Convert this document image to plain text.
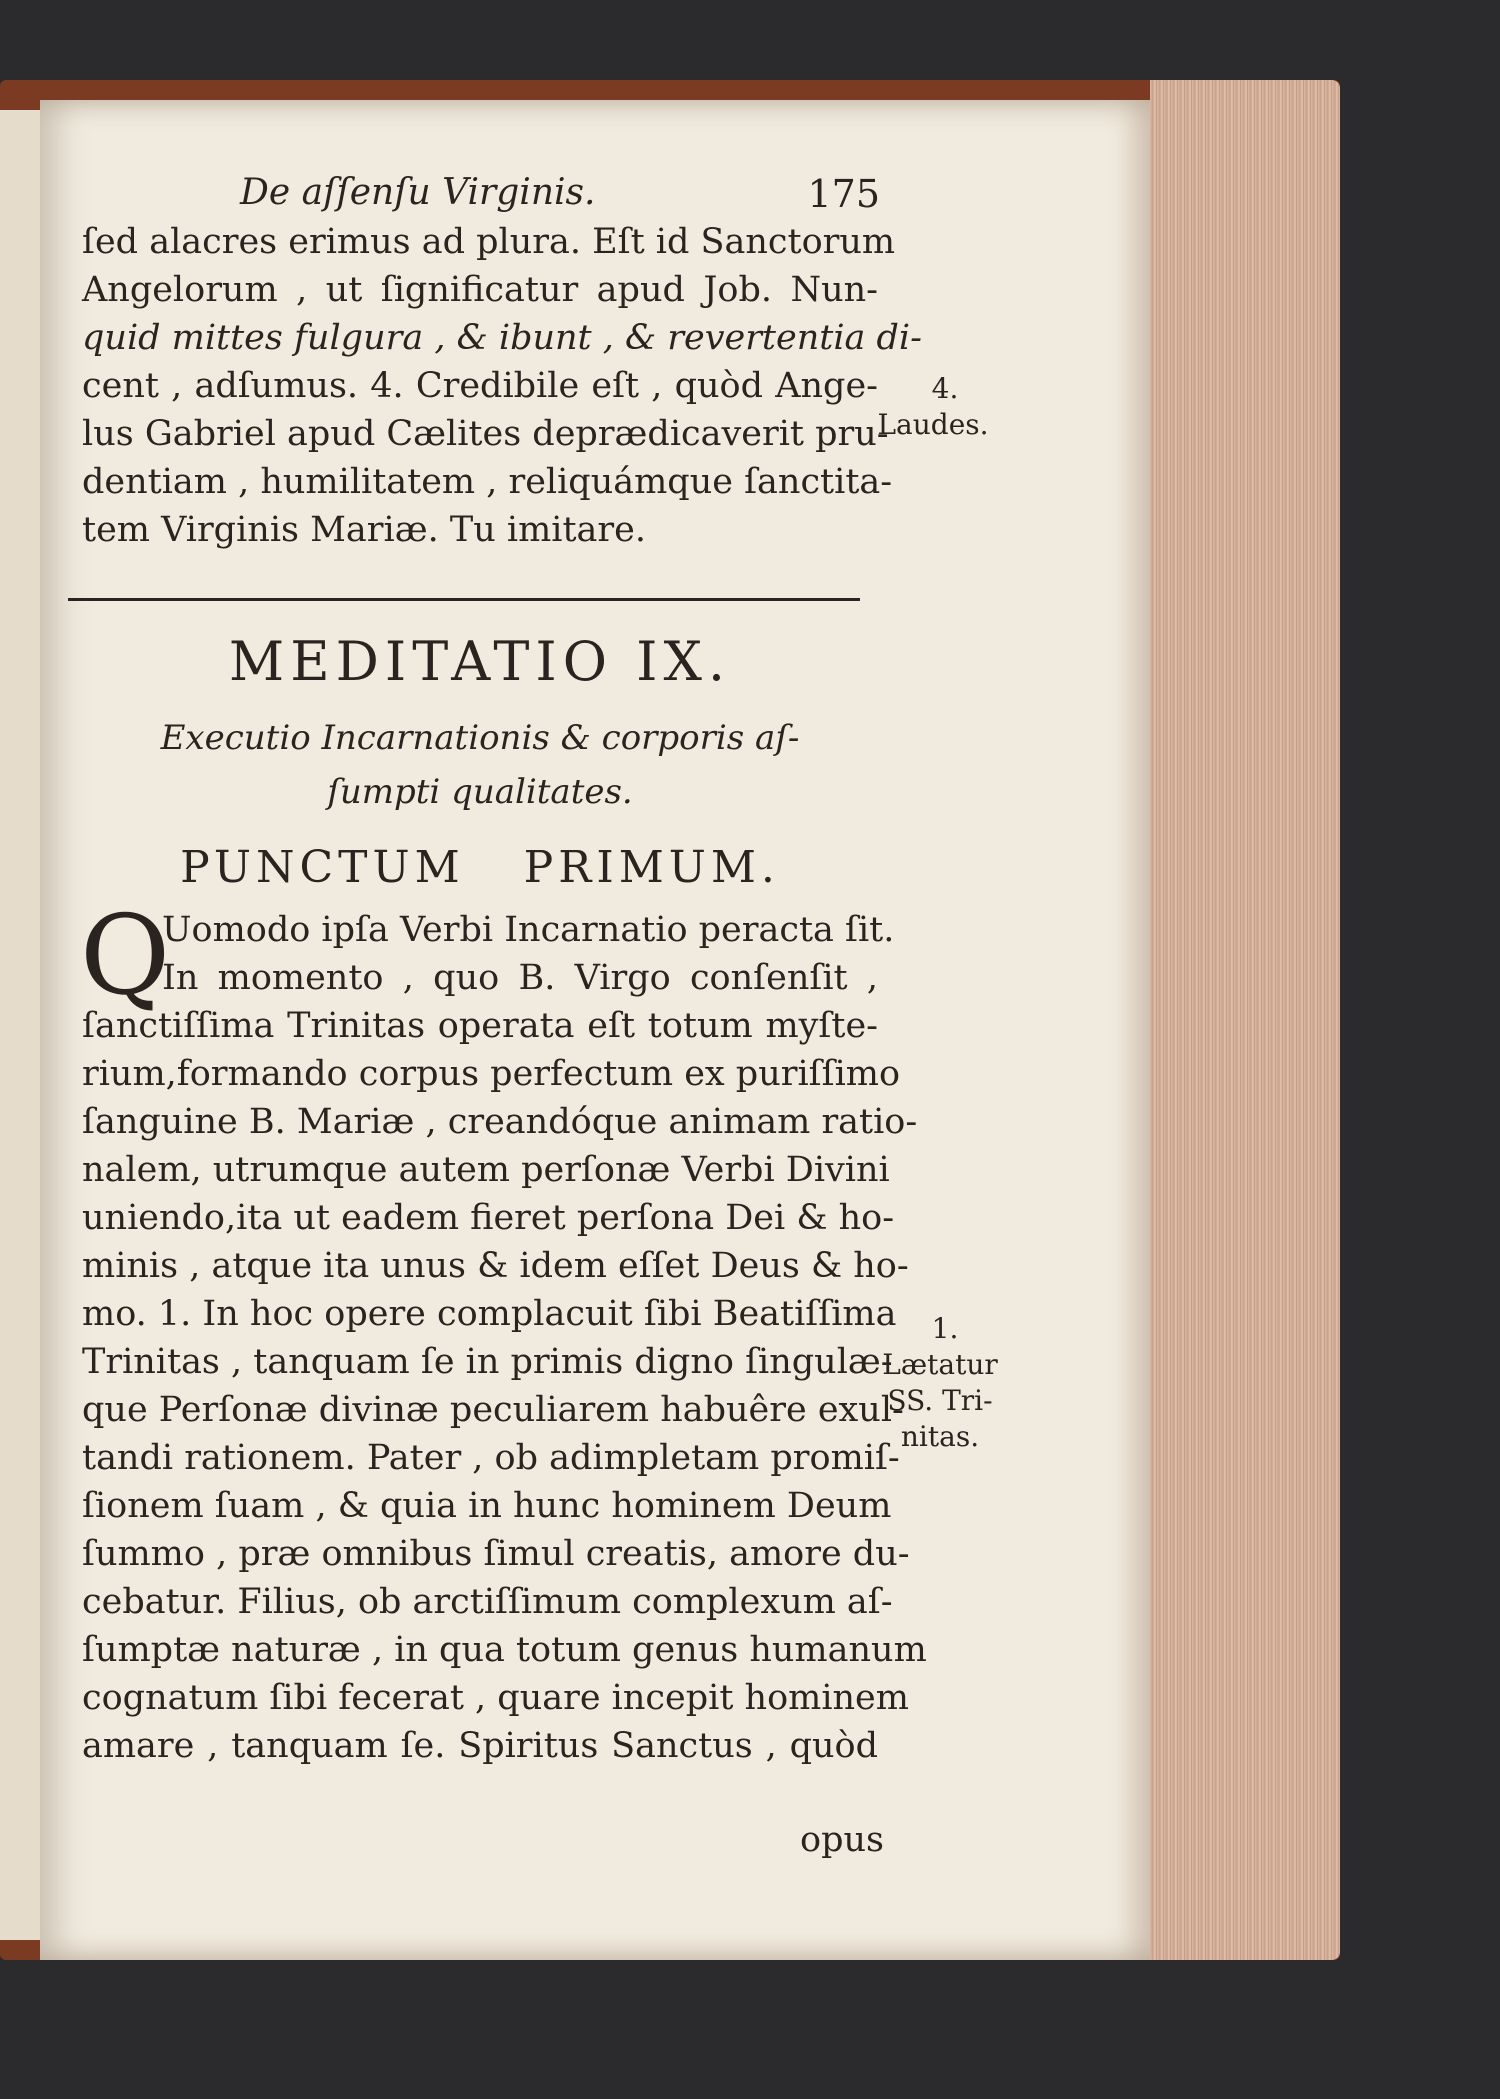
De aſſenſu Virginis.	175
ſed alacres erimus ad plura. Eſt id Sanctorum
Angelorum , ut ſignificatur apud Job. Nun-
quid mittes fulgura , & ibunt , & revertentia di-
cent , adſumus. 4. Credibile eſt , quòd Ange-
lus Gabriel apud Cælites deprædicaverit pru-
dentiam , humilitatem , reliquámque ſanctita-
tem Virginis Mariæ. Tu imitare.
MEDITATIO IX.
Executio Incarnationis & corporis aſ-
ſumpti qualitates.
PUNCTUM PRIMUM.
Q
Uomodo ipſa Verbi Incarnatio peracta ſit.
In momento , quo B. Virgo conſenſit ,
ſanctiſſima Trinitas operata eſt totum myſte-
rium,formando corpus perfectum ex puriſſimo
ſanguine B. Mariæ , creandóque animam ratio-
nalem, utrumque autem perſonæ Verbi Divini
uniendo,ita ut eadem fieret perſona Dei & ho-
minis , atque ita unus & idem eſſet Deus & ho-
mo. 1. In hoc opere complacuit ſibi Beatiſſima
Trinitas , tanquam ſe in primis digno ſingulæ-
que Perſonæ divinæ peculiarem habuêre exul-
tandi rationem. Pater , ob adimpletam promiſ-
ſionem ſuam , & quia in hunc hominem Deum
ſummo , præ omnibus ſimul creatis, amore du-
cebatur. Filius, ob arctiſſimum complexum aſ-
ſumptæ naturæ , in qua totum genus humanum
cognatum ſibi fecerat , quare incepit hominem
amare , tanquam ſe. Spiritus Sanctus , quòd
opus
4.
Laudes.
1.
Lætatur
SS. Tri-
nitas.
